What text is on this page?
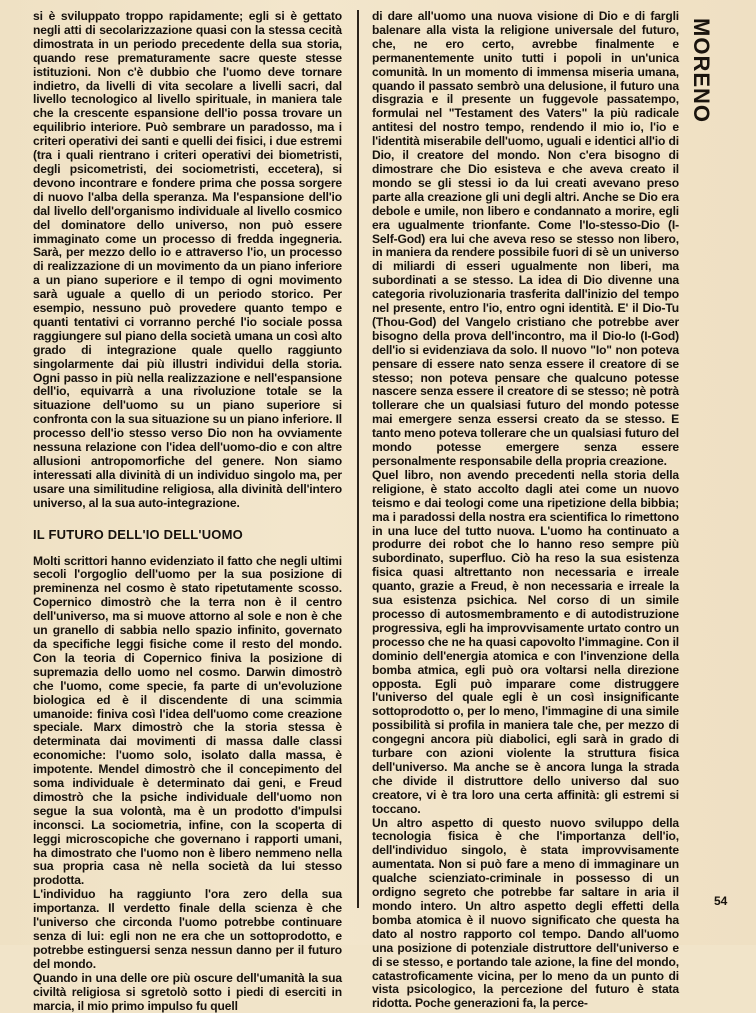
si è sviluppato troppo rapidamente; egli si è gettato negli atti di secolarizzazione quasi con la stessa cecità dimostrata in un periodo precedente della sua storia, quando rese prematuramente sacre queste stesse istituzioni. Non c'è dubbio che l'uomo deve tornare indietro, da livelli di vita secolare a livelli sacri, dal livello tecnologico al livello spirituale, in maniera tale che la crescente espansione dell'io possa trovare un equilibrio interiore. Può sembrare un paradosso, ma i criteri operativi dei santi e quelli dei fisici, i due estremi (tra i quali rientrano i criteri operativi dei biometristi, degli psicometristi, dei sociometristi, eccetera), si devono incontrare e fondere prima che possa sorgere di nuovo l'alba della speranza. Ma l'espansione dell'io dal livello dell'organismo individuale al livello cosmico del dominatore dello universo, non può essere immaginato come un processo di fredda ingegneria. Sarà, per mezzo dello io e attraverso l'io, un processo di realizzazione di un movimento da un piano inferiore a un piano superiore e il tempo di ogni movimento sarà uguale a quello di un periodo storico. Per esempio, nessuno può provedere quanto tempo e quanti tentativi ci vorranno perché l'io sociale possa raggiungere sul piano della società umana un così alto grado di integrazione quale quello raggiunto singolarmente dai più illustri individui della storia. Ogni passo in più nella realizzazione e nell'espansione dell'io, equivarrà a una rivoluzione totale se la situazione dell'uomo su un piano superiore si confronta con la sua situazione su un piano inferiore. Il processo dell'io stesso verso Dio non ha ovviamente nessuna relazione con l'idea dell'uomo-dio e con altre allusioni antropomorfiche del genere. Non siamo interessati alla divinità di un individuo singolo ma, per usare una similitudine religiosa, alla divinità dell'intero universo, al la sua auto-integrazione.

IL FUTURO DELL'IO DELL'UOMO

Molti scrittori hanno evidenziato il fatto che negli ultimi secoli l'orgoglio dell'uomo per la sua posizione di preminenza nel cosmo è stato ripetutamente scosso. Copernico dimostrò che la terra non è il centro dell'universo, ma si muove attorno al sole e non è che un granello di sabbia nello spazio infinito, governato da specifiche leggi fisiche come il resto del mondo. Con la teoria di Copernico finiva la posizione di supremazia dello uomo nel cosmo. Darwin dimostrò che l'uomo, come specie, fa parte di un'evoluzione biologica ed è il discendente di una scimmia umanoide: finiva così l'idea dell'uomo come creazione speciale. Marx dimostrò che la storia stessa è determinata dai movimenti di massa dalle classi economiche: l'uomo solo, isolato dalla massa, è impotente. Mendel dimostrò che il concepimento del soma individuale è determinato dai geni, e Freud dimostrò che la psiche individuale dell'uomo non segue la sua volontà, ma è un prodotto d'impulsi inconsci. La sociometria, infine, con la scoperta di leggi microscopiche che governano i rapporti umani, ha dimostrato che l'uomo non è libero nemmeno nella sua propria casa nè nella società da lui stesso prodotta.

L'individuo ha raggiunto l'ora zero della sua importanza. Il verdetto finale della scienza è che l'universo che circonda l'uomo potrebbe continuare senza di lui: egli non ne era che un sottoprodotto, e potrebbe estinguersi senza nessun danno per il futuro del mondo.

Quando in una delle ore più oscure dell'umanità la sua civiltà religiosa si sgretolò sotto i piedi di eserciti in marcia, il mio primo impulso fu quell

di dare all'uomo una nuova visione di Dio e di fargli balenare alla vista la religione universale del futuro, che, ne ero certo, avrebbe finalmente e permanentemente unito tutti i popoli in un'unica comunità. In un momento di immensa miseria umana, quando il passato sembrò una delusione, il futuro una disgrazia e il presente un fuggevole passatempo, formulai nel "Testament des Vaters" la più radicale antitesi del nostro tempo, rendendo il mio io, l'io e l'identità miserabile dell'uomo, uguali e identici all'io di Dio, il creatore del mondo. Non c'era bisogno di dimostrare che Dio esisteva e che aveva creato il mondo se gli stessi io da lui creati avevano preso parte alla creazione gli uni degli altri. Anche se Dio era debole e umile, non libero e condannato a morire, egli era ugualmente trionfante. Come l'Io-stesso-Dio (I-Self-God) era lui che aveva reso se stesso non libero, in maniera da rendere possibile fuori di sè un universo di miliardi di esseri ugualmente non liberi, ma subordinati a se stesso. La idea di Dio divenne una categoria rivoluzionaria trasferita dall'inizio del tempo nel presente, entro l'io, entro ogni identità. E' il Dio-Tu (Thou-God) del Vangelo cristiano che potrebbe aver bisogno della prova dell'incontro, ma il Dio-Io (I-God) dell'io si evidenziava da solo. Il nuovo "Io" non poteva pensare di essere nato senza essere il creatore di se stesso; non poteva pensare che qualcuno potesse nascere senza essere il creatore di se stesso; nè potrà tollerare che un qualsiasi futuro del mondo potesse mai emergere senza essersi creato da se stesso. E tanto meno poteva tollerare che un qualsiasi futuro del mondo potesse emergere senza essere personalmente responsabile della propria creazione.

Quel libro, non avendo precedenti nella storia della religione, è stato accolto dagli atei come un nuovo teismo e dai teologi come una ripetizione della bibbia; ma i paradossi della nostra era scientifica lo rimettono in una luce del tutto nuova. L'uomo ha continuato a produrre dei robot che lo hanno reso sempre più subordinato, superfluo. Ciò ha reso la sua esistenza fisica quasi altrettanto non necessaria e irreale quanto, grazie a Freud, è non necessaria e irreale la sua esistenza psichica. Nel corso di un simile processo di autosmembramento e di autodistruzione progressiva, egli ha improvvisamente urtato contro un processo che ne ha quasi capovolto l'immagine. Con il dominio dell'energia atomica e con l'invenzione della bomba atmica, egli può ora voltarsi nella direzione opposta. Egli può imparare come distruggere l'universo del quale egli è un così insignificante sottoprodotto o, per lo meno, l'immagine di una simile possibilità si profila in maniera tale che, per mezzo di congegni ancora più diabolici, egli sarà in grado di turbare con azioni violente la struttura fisica dell'universo. Ma anche se è ancora lunga la strada che divide il distruttore dello universo dal suo creatore, vi è tra loro una certa affinità: gli estremi si toccano.

Un altro aspetto di questo nuovo sviluppo della tecnologia fisica è che l'importanza dell'io, dell'individuo singolo, è stata improvvisamente aumentata. Non si può fare a meno di immaginare un qualche scienziato-criminale in possesso di un ordigno segreto che potrebbe far saltare in aria il mondo intero. Un altro aspetto degli effetti della bomba atomica è il nuovo significato che questa ha dato al nostro rapporto col tempo. Dando all'uomo una posizione di potenziale distruttore dell'universo e di se stesso, e portando tale azione, la fine del mondo, catastroficamente vicina, per lo meno da un punto di vista psicologico, la percezione del futuro è stata ridotta. Poche generazioni fa, la perce-

MORENO
54
